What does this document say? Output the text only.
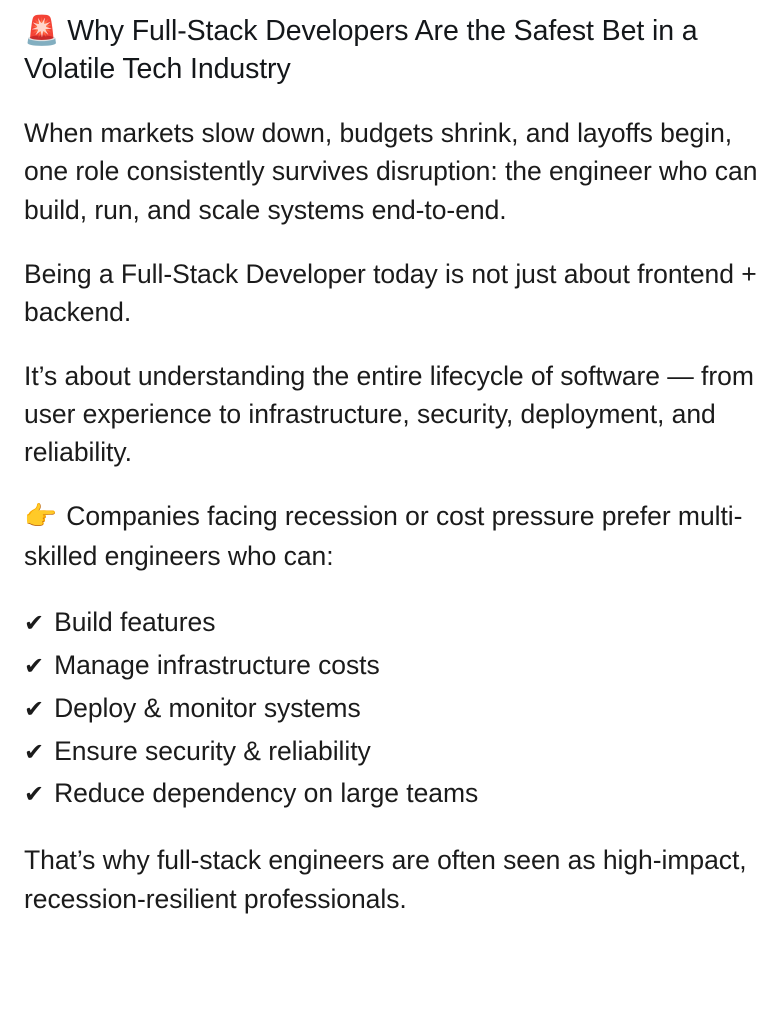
🚨 Why Full-Stack Developers Are the Safest Bet in a Volatile Tech Industry

When markets slow down, budgets shrink, and layoffs begin, one role consistently survives disruption: the engineer who can build, run, and scale systems end-to-end.

Being a Full-Stack Developer today is not just about frontend + backend.

It’s about understanding the entire lifecycle of software — from user experience to infrastructure, security, deployment, and reliability.

👉 Companies facing recession or cost pressure prefer multi-skilled engineers who can:

✔ Build features
✔ Manage infrastructure costs
✔ Deploy & monitor systems
✔ Ensure security & reliability
✔ Reduce dependency on large teams

That’s why full-stack engineers are often seen as high-impact, recession-resilient professionals.
